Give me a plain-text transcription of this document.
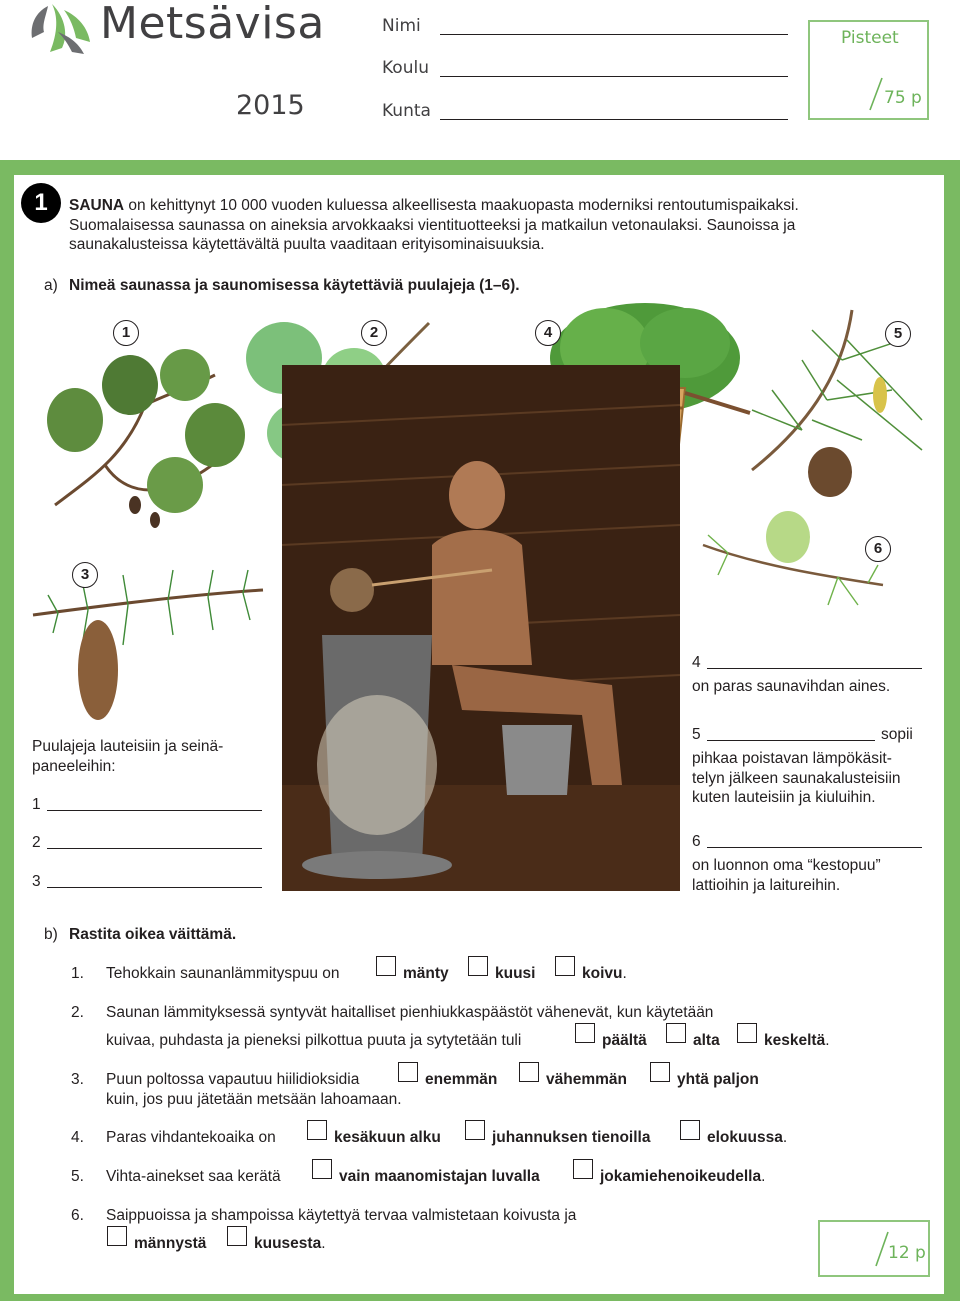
Metsävisa
2015
Nimi
Koulu
Kunta
Pisteet
75 p
1	SAUNA on kehittynyt 10 000 vuoden kuluessa alkeellisesta maakuopasta moderniksi rentoutumispaikaksi.
Suomalaisessa saunassa on aineksia arvokkaaksi vientituotteeksi ja matkailun vetonaulaksi. Saunoissa ja
saunakalusteissa käytettävältä puulta vaaditaan erityisominaisuuksia.
a) Nimeä saunassa ja saunomisessa käytettäviä puulajeja (1–6).
1	2	4	5
3
6
Puulajeja lauteisiin ja seinä-
paneeleihin:
1
2
3
4
on paras saunavihdan aines.
5	sopii
pihkaa poistavan lämpökäsit-
telyn jälkeen saunakalusteisiin
kuten lauteisiin ja kiuluihin.
6
on luonnon oma “kestopuu”
lattioihin ja laitureihin.
b) Rastita oikea väittämä.
1. Tehokkain saunanlämmityspuu on	mänty	kuusi	koivu.
2. Saunan lämmityksessä syntyvät haitalliset pienhiukkaspäästöt vähenevät, kun käytetään
kuivaa, puhdasta ja pieneksi pilkottua puuta ja sytytetään tuli	päältä	alta	keskeltä.
3. Puun poltossa vapautuu hiilidioksidia	enemmän	vähemmän	yhtä paljon
kuin, jos puu jätetään metsään lahoamaan.
4. Paras vihdantekoaika on	kesäkuun alku	juhannuksen tienoilla	elokuussa.
5. Vihta-ainekset saa kerätä	vain maanomistajan luvalla	jokamiehenoikeudella.
6. Saippuoissa ja shampoissa käytettyä tervaa valmistetaan koivusta ja
männystä	kuusesta.	12 p
